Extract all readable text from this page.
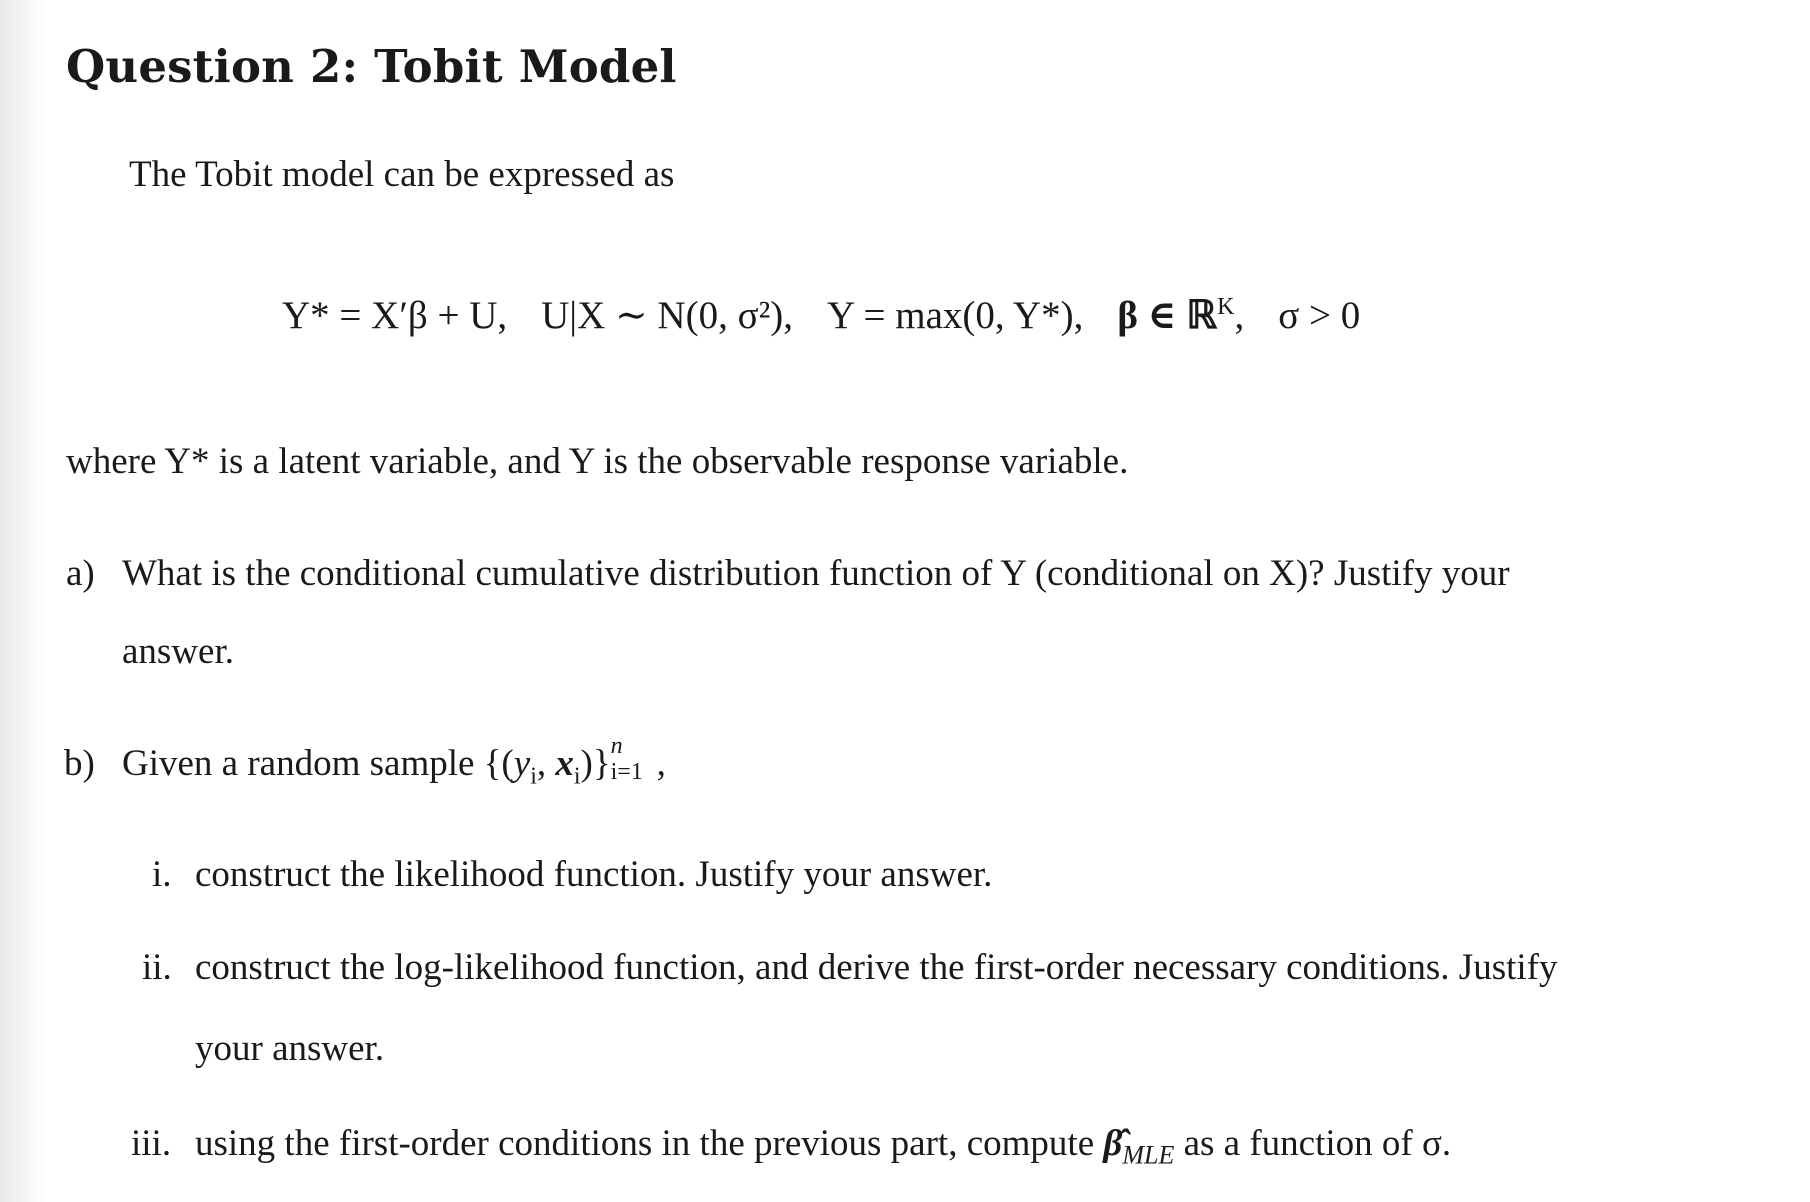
Question 2: Tobit Model
The Tobit model can be expressed as
Y* = X′β + U, U|X ∼ N(0, σ²), Y = max(0, Y*), β ∈ ℝ$^K$, σ > 0
where Y* is a latent variable, and Y is the observable response variable.
a) What is the conditional cumulative distribution function of Y (conditional on X)? Justify your
answer.
b) Given a random sample {($y_i$, $x_i$)} n
i=1 ,
i. construct the likelihood function. Justify your answer.
ii. construct the log-likelihood function, and derive the first-order necessary conditions. Justify
your answer.
iii. using the first-order conditions in the previous part, compute $\betâ_{MLE}$ as a function of σ.
